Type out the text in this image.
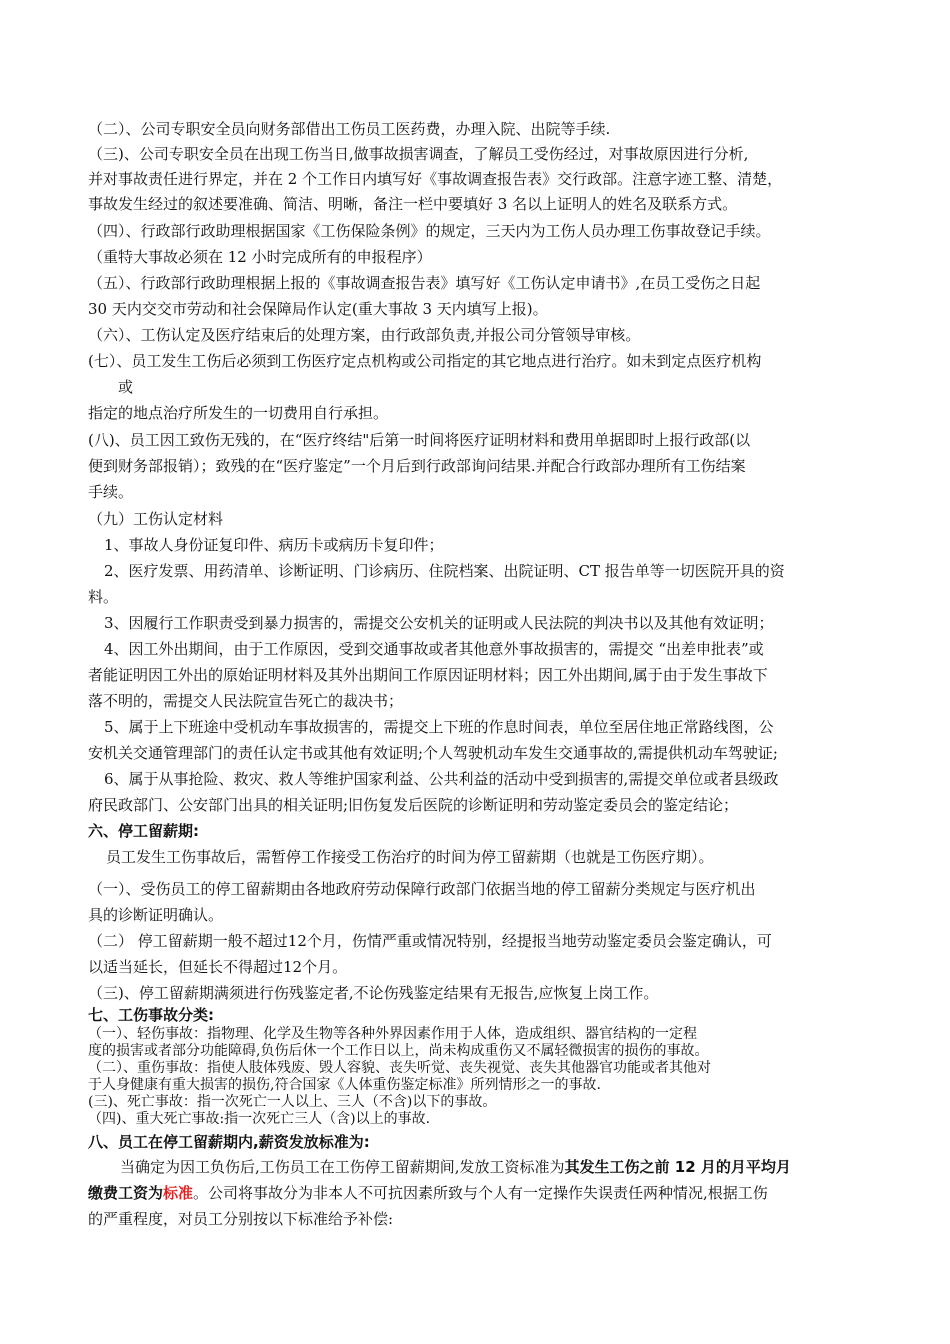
（二）、公司专职安全员向财务部借出工伤员工医药费，办理入院、出院等手续.
（三)、公司专职安全员在出现工伤当日,做事故损害调查，了解员工受伤经过，对事故原因进行分析,
并对事故责任进行界定，并在 2 个工作日内填写好《事故调查报告表》交行政部。注意字迹工整、清楚，
事故发生经过的叙述要准确、简洁、明晰，备注一栏中要填好 3 名以上证明人的姓名及联系方式。
（四）、行政部行政助理根据国家《工伤保险条例》的规定，三天内为工伤人员办理工伤事故登记手续。
（重特大事故必须在 12 小时完成所有的申报程序）
（五）、行政部行政助理根据上报的《事故调查报告表》填写好《工伤认定申请书》,在员工受伤之日起
30 天内交交市劳动和社会保障局作认定(重大事故 3 天内填写上报)。
（六）、工伤认定及医疗结束后的处理方案，由行政部负责,并报公司分管领导审核。
(七）、员工发生工伤后必须到工伤医疗定点机构或公司指定的其它地点进行治疗。如未到定点医疗机构
或
指定的地点治疗所发生的一切费用自行承担。
(八)、员工因工致伤无残的，在“医疗终结"后第一时间将医疗证明材料和费用单据即时上报行政部(以
便到财务部报销）；致残的在“医疗鉴定”一个月后到行政部询问结果.并配合行政部办理所有工伤结案
手续。
（九）工伤认定材料
1、事故人身份证复印件、病历卡或病历卡复印件；
2、医疗发票、用药清单、诊断证明、门诊病历、住院档案、出院证明、CT 报告单等一切医院开具的资
料。
3、因履行工作职责受到暴力损害的，需提交公安机关的证明或人民法院的判决书以及其他有效证明；
4、因工外出期间，由于工作原因，受到交通事故或者其他意外事故损害的，需提交 “出差申批表”或
者能证明因工外出的原始证明材料及其外出期间工作原因证明材料；因工外出期间,属于由于发生事故下
落不明的，需提交人民法院宣告死亡的裁决书；
5、属于上下班途中受机动车事故损害的，需提交上下班的作息时间表，单位至居住地正常路线图，公
安机关交通管理部门的责任认定书或其他有效证明;个人驾驶机动车发生交通事故的,需提供机动车驾驶证;
6、属于从事抢险、救灾、救人等维护国家利益、公共利益的活动中受到损害的,需提交单位或者县级政
府民政部门、公安部门出具的相关证明;旧伤复发后医院的诊断证明和劳动鉴定委员会的鉴定结论；
六、停工留薪期:
员工发生工伤事故后，需暂停工作接受工伤治疗的时间为停工留薪期（也就是工伤医疗期）。
（一）、受伤员工的停工留薪期由各地政府劳动保障行政部门依据当地的停工留薪分类规定与医疗机出
具的诊断证明确认。
（二） 停工留薪期一般不超过12个月，伤情严重或情况特别，经提报当地劳动鉴定委员会鉴定确认，可
以适当延长，但延长不得超过12个月。
（三)、停工留薪期满须进行伤残鉴定者,不论伤残鉴定结果有无报告,应恢复上岗工作。
七、工伤事故分类:
（一）、轻伤事故：指物理、化学及生物等各种外界因素作用于人体，造成组织、器官结构的一定程
度的损害或者部分功能障碍,负伤后休一个工作日以上，尚未构成重伤又不属轻微损害的损伤的事故。
（二）、重伤事故：指使人肢体残废、毁人容貌、丧失听觉、丧失视觉、丧失其他器官功能或者其他对
于人身健康有重大损害的损伤,符合国家《人体重伤鉴定标准》所列情形之一的事故.
(三)、死亡事故：指一次死亡一人以上、三人（不含)以下的事故。
（四)、重大死亡事故:指一次死亡三人（含)以上的事故.
八、员工在停工留薪期内,薪资发放标准为:
当确定为因工负伤后,工伤员工在工伤停工留薪期间,发放工资标准为其发生工伤之前 12 月的月平均月
缴费工资为标准。公司将事故分为非本人不可抗因素所致与个人有一定操作失误责任两种情况,根据工伤
的严重程度，对员工分别按以下标准给予补偿:
